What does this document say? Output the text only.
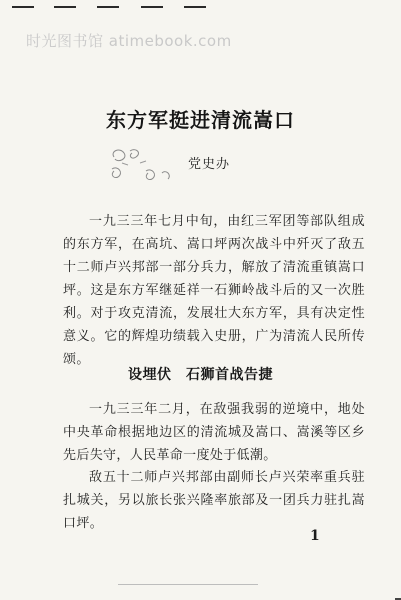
时光图书馆 atimebook.com
东方军挺进清流嵩口
党史办

一九三三年七月中旬，由红三军团等部队组成的东方军，在高坑、嵩口坪两次战斗中歼灭了敌五十二师卢兴邦部一部分兵力，解放了清流重镇嵩口坪。这是东方军继延祥一石狮岭战斗后的又一次胜利。对于攻克清流，发展壮大东方军，具有决定性意义。它的辉煌功绩载入史册，广为清流人民所传颂。

设埋伏　石狮首战告捷

一九三三年二月，在敌强我弱的逆境中，地处中央革命根据地边区的清流城及嵩口、嵩溪等区乡先后失守，人民革命一度处于低潮。

敌五十二师卢兴邦部由副师长卢兴荣率重兵驻扎城关，另以旅长张兴隆率旅部及一团兵力驻扎嵩口坪。

1
